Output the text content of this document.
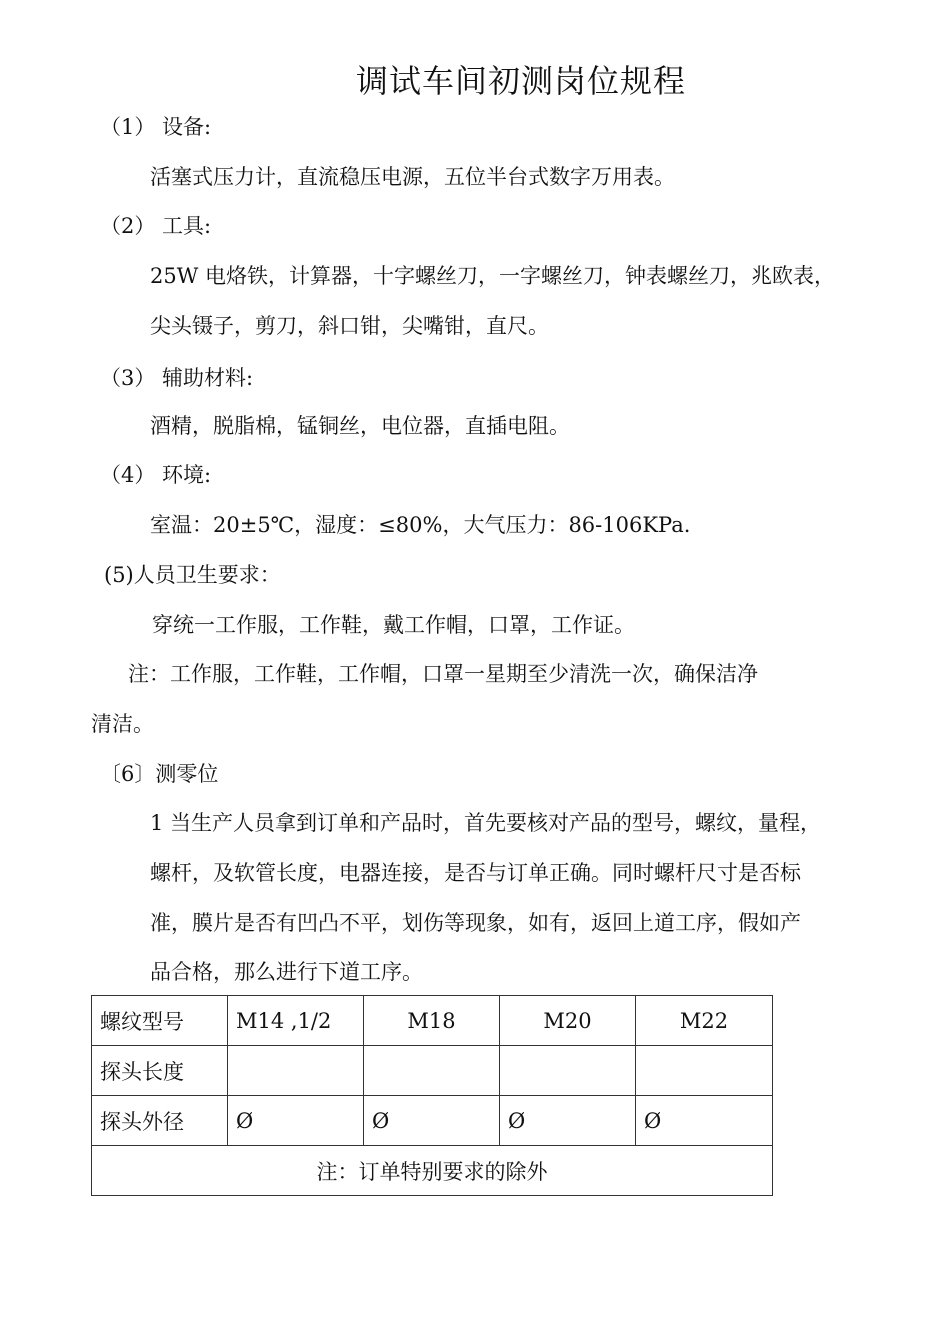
调试车间初测岗位规程
（1） 设备:
活塞式压力计，直流稳压电源，五位半台式数字万用表。
（2） 工具:
25W 电烙铁，计算器，十字螺丝刀，一字螺丝刀，钟表螺丝刀，兆欧表，
尖头镊子，剪刀，斜口钳，尖嘴钳，直尺。
（3） 辅助材料:
酒精，脱脂棉，锰铜丝，电位器，直插电阻。
（4） 环境:
室温：20±5℃，湿度：≤80%，大气压力：86-106KPa.
(5)人员卫生要求：
穿统一工作服，工作鞋，戴工作帽，口罩，工作证。
注：工作服，工作鞋，工作帽，口罩一星期至少清洗一次，确保洁净
清洁。
〔6〕测零位
1 当生产人员拿到订单和产品时，首先要核对产品的型号，螺纹，量程，
螺杆，及软管长度，电器连接，是否与订单正确。同时螺杆尺寸是否标
准，膜片是否有凹凸不平，划伤等现象，如有，返回上道工序，假如产
品合格，那么进行下道工序。
螺纹型号	M14 ,1/2	M18	M20	M22
探头长度				
探头外径	Ø	Ø	Ø	Ø
注：订单特别要求的除外				
